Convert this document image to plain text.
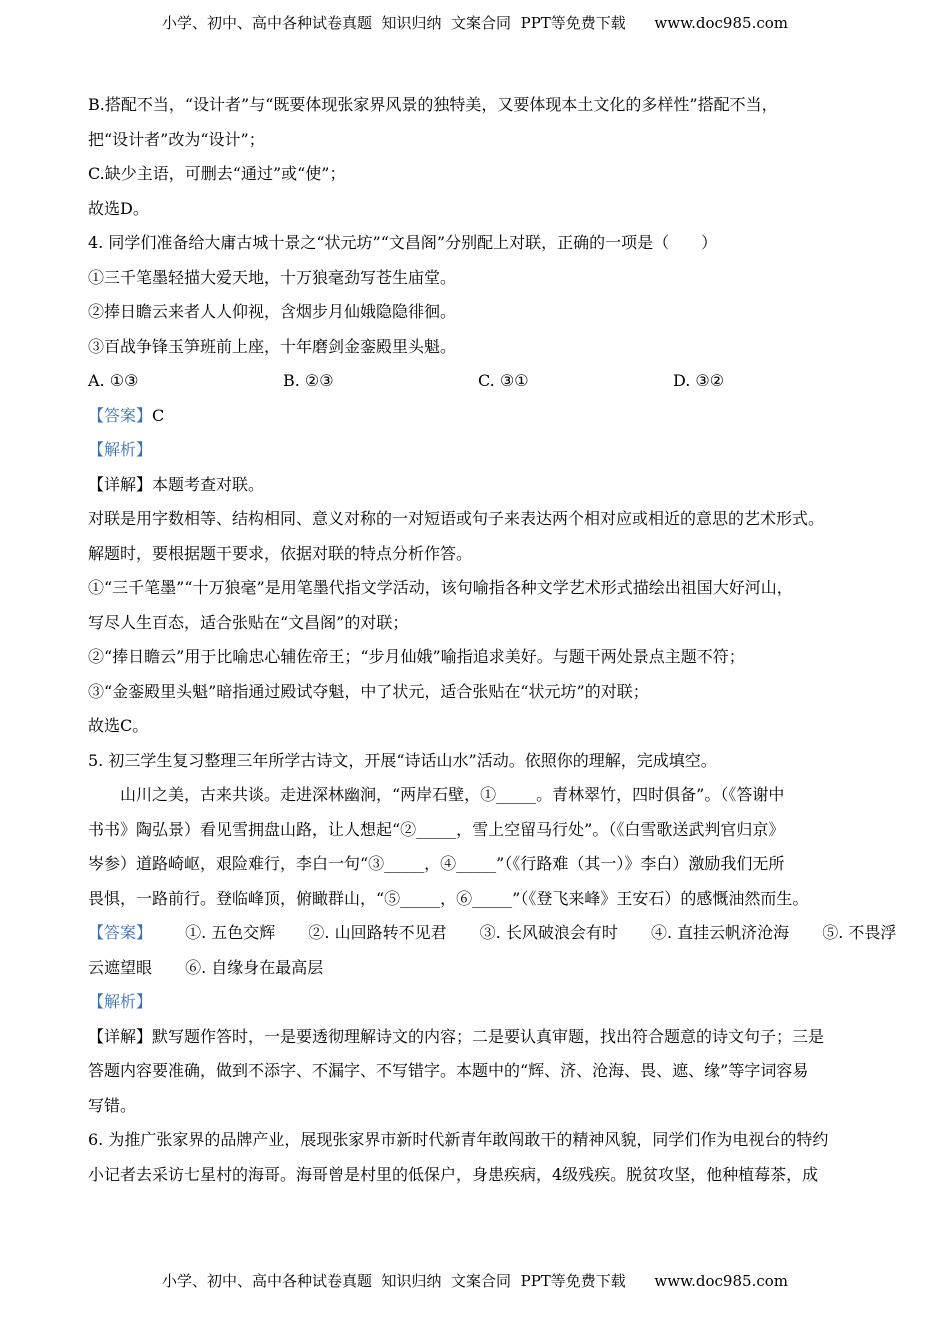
小学、初中、高中各种试卷真题  知识归纳  文案合同  PPT等免费下载      www.doc985.com
B.搭配不当，“设计者”与“既要体现张家界风景的独特美，又要体现本土文化的多样性”搭配不当，
把“设计者”改为“设计”；
C.缺少主语，可删去“通过”或“使”；
故选D。
4. 同学们准备给大庸古城十景之“状元坊”“文昌阁”分别配上对联，正确的一项是（　　）
①三千笔墨轻描大爱天地，十万狼毫劲写苍生庙堂。
②捧日瞻云来者人人仰视，含烟步月仙娥隐隐徘徊。
③百战争锋玉笋班前上座，十年磨剑金銮殿里头魁。
A. ①③	B. ②③	C. ③①	D. ③②
【答案】C
【解析】
【详解】本题考查对联。
对联是用字数相等、结构相同、意义对称的一对短语或句子来表达两个相对应或相近的意思的艺术形式。
解题时，要根据题干要求，依据对联的特点分析作答。
①“三千笔墨”“十万狼毫”是用笔墨代指文学活动，该句喻指各种文学艺术形式描绘出祖国大好河山，
写尽人生百态，适合张贴在“文昌阁”的对联；
②“捧日瞻云”用于比喻忠心辅佐帝王；“步月仙娥”喻指追求美好。与题干两处景点主题不符；
③“金銮殿里头魁”暗指通过殿试夺魁，中了状元，适合张贴在“状元坊”的对联；
故选C。
5. 初三学生复习整理三年所学古诗文，开展“诗话山水”活动。依照你的理解，完成填空。
山川之美，古来共谈。走进深林幽涧，“两岸石壁，①_____。青林翠竹，四时俱备”。（《答谢中
书书》陶弘景）看见雪拥盘山路，让人想起“②_____，雪上空留马行处”。（《白雪歌送武判官归京》
岑参）道路崎岖，艰险难行，李白一句“③_____，④_____”（《行路难（其一）》李白）激励我们无所
畏惧，一路前行。登临峰顶，俯瞰群山，“⑤_____，⑥_____”（《登飞来峰》王安石）的感慨油然而生。
【答案】 ①. 五色交辉 ②. 山回路转不见君 ③. 长风破浪会有时 ④. 直挂云帆济沧海 ⑤. 不畏浮
云遮望眼 ⑥. 自缘身在最高层
【解析】
【详解】默写题作答时，一是要透彻理解诗文的内容；二是要认真审题，找出符合题意的诗文句子；三是
答题内容要准确，做到不添字、不漏字、不写错字。本题中的“辉、济、沧海、畏、遮、缘”等字词容易
写错。
6. 为推广张家界的品牌产业，展现张家界市新时代新青年敢闯敢干的精神风貌，同学们作为电视台的特约
小记者去采访七星村的海哥。海哥曾是村里的低保户，身患疾病，4级残疾。脱贫攻坚，他种植莓茶，成
小学、初中、高中各种试卷真题  知识归纳  文案合同  PPT等免费下载      www.doc985.com
